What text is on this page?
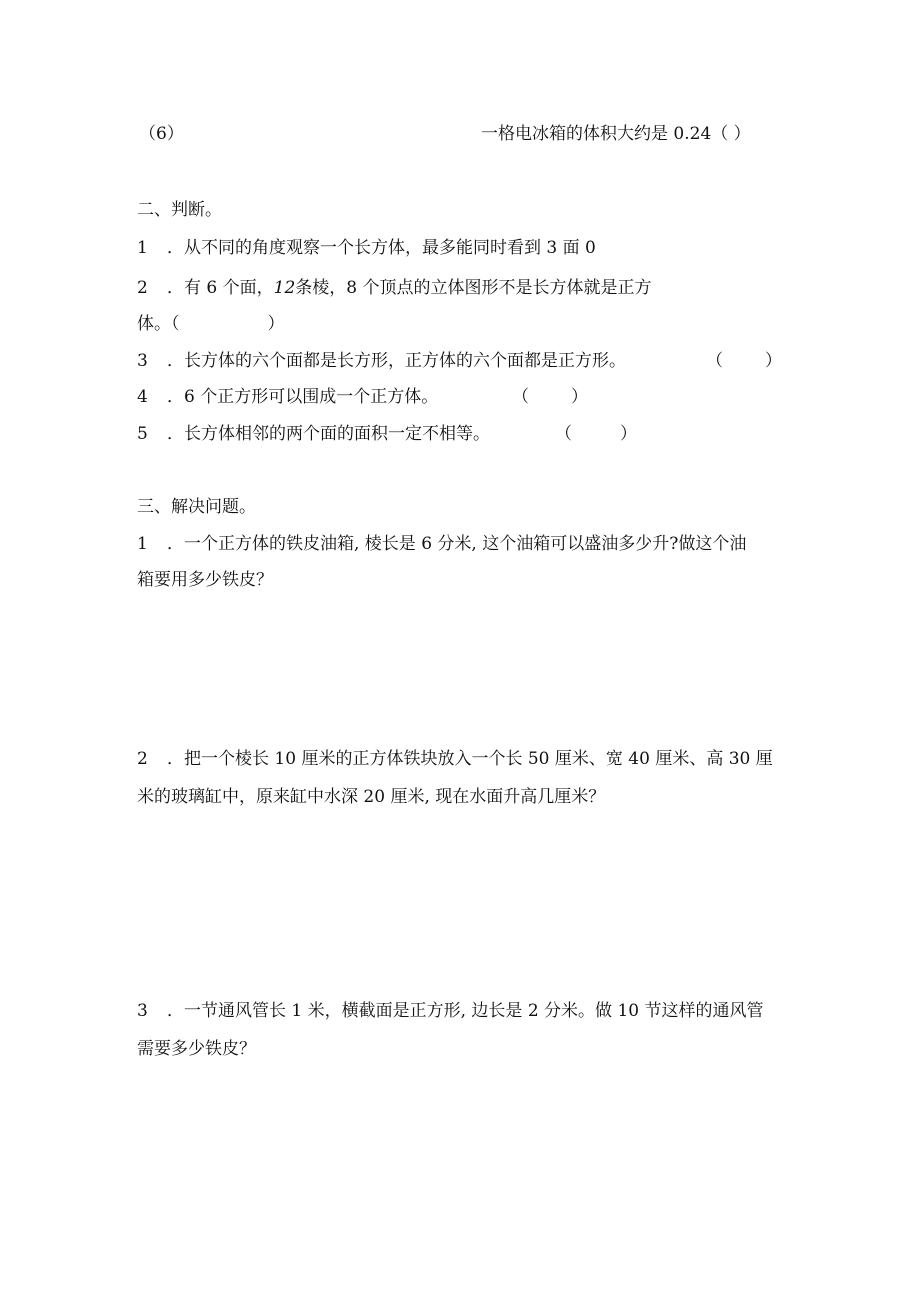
（6）	一格电冰箱的体积大约是 0.24（ ）
二、判断。
1 ．从不同的角度观察一个长方体，最多能同时看到 3 面 0
2 ．有 6 个面，12条棱，8 个顶点的立体图形不是长方体就是正方
体。（	）
3 ．长方体的六个面都是长方形，正方体的六个面都是正方形。	（ ）
4 ．6 个正方形可以围成一个正方体。	（ ）
5 ．长方体相邻的两个面的面积一定不相等。	（	）
三、解决问题。
1 ．一个正方体的铁皮油箱, 棱长是 6 分米, 这个油箱可以盛油多少升?做这个油
箱要用多少铁皮？
2 ．把一个棱长 10 厘米的正方体铁块放入一个长 50 厘米、宽 40 厘米、高 30 厘
米的玻璃缸中，原来缸中水深 20 厘米, 现在水面升高几厘米？
3 ．一节通风管长 1 米，横截面是正方形, 边长是 2 分米。做 10 节这样的通风管
需要多少铁皮？
